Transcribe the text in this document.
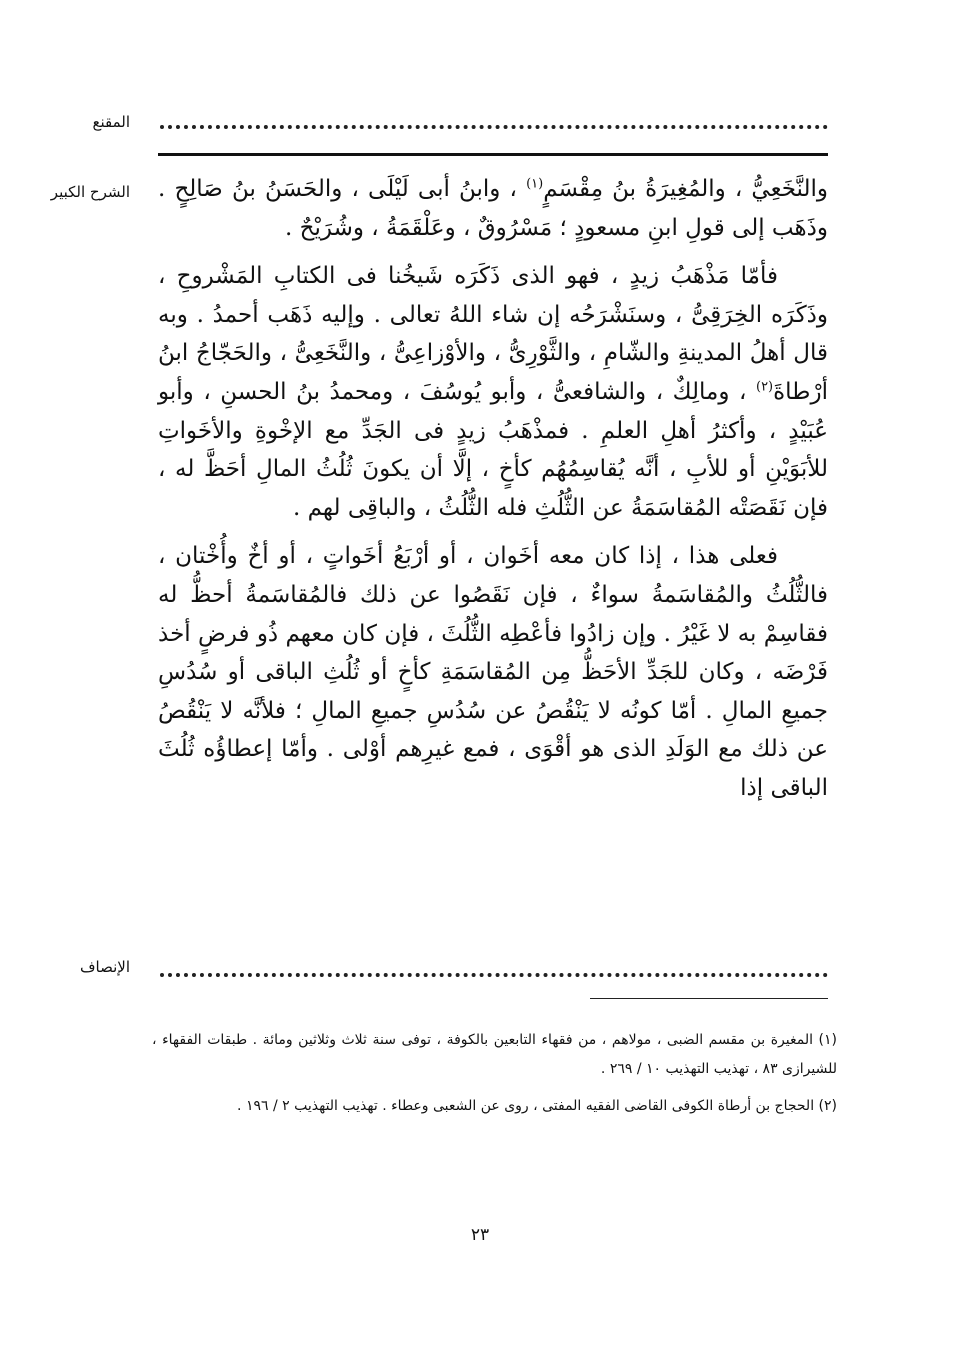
المقنع
الشرح الكبير	والنَّخَعِيُّ ، والمُغِيرَةُ بنُ مِقْسَمٍ$^{(١)}$ ، وابنُ أبى لَيْلَى ، والحَسَنُ بنُ صَالِحٍ . وذَهَب إلى قولِ ابنِ مسعودٍ ؛ مَسْرُوقٌ ، وعَلْقَمَةُ ، وشُرَيْحٌ .

فأمّا مَذْهَبُ زيدٍ ، فهو الذى ذَكَرَه شَيخُنا فى الكتابِ المَشْروحِ ، وذَكَرَه الخِرَقِىُّ ، وسنَشْرَحُه إن شاء اللهُ تعالى . وإليه ذَهَب أحمدُ . وبه قال أهلُ المدينةِ والشّامِ ، والثَّوْرِىُّ ، والأوْزاعِىُّ ، والنَّخَعِىُّ ، والحَجّاجُ ابنُ أرْطاةَ$^{(٢)}$ ، ومالِكٌ ، والشافعىُّ ، وأبو يُوسُفَ ، ومحمدُ بنُ الحسنِ ، وأبو عُبَيْدٍ ، وأكثرُ أهلِ العلمِ . فمذْهَبُ زيدٍ فى الجَدِّ مع الإخْوةِ والأخَواتِ للأبَوَيْنِ أو للأبِ ، أنَّه يُقاسِمُهُم كأخٍ ، إلَّا أن يكونَ ثُلُثُ المالِ أحَظَّ له ، فإن نَقَصَتْه المُقاسَمَةُ عن الثُّلُثِ فله الثُّلُثُ ، والباقِى لهم .

فعلى هذا ، إذا كان معه أخَوان ، أو أرْبَعُ أخَواتٍ ، أو أخٌ وأُخْتان ، فالثُّلُثُ والمُقاسَمةُ سواءٌ ، فإن نَقَصُوا عن ذلك فالمُقاسَمةُ أحظُّ له فقاسِمْ به لا غَيْرُ . وإن زادُوا فأعْطِه الثُّلُثَ ، فإن كان معهم ذُو فرضٍ أخذ فَرْضَه ، وكان للجَدِّ الأحَظُّ مِن المُقاسَمَةِ كأخٍ أو ثُلُثِ الباقى أو سُدُسِ جميعِ المالِ . أمّا كونُه لا يَنْقُصُ عن سُدُسِ جميعِ المالِ ؛ فلأنَّه لا يَنْقُصُ عن ذلك مع الوَلَدِ الذى هو أقْوَى ، فمع غيرِهم أوْلى . وأمّا إعطاؤُه ثُلُثَ الباقى إذا

الإنصاف

(١) المغيرة بن مقسم الضبى ، مولاهم ، من فقهاء التابعين بالكوفة ، توفى سنة ثلاث وثلاثين ومائة . طبقات الفقهاء ، للشيرازى ٨٣ ، تهذيب التهذيب ١٠ / ٢٦٩ .

(٢) الحجاج بن أرطاة الكوفى القاضى الفقيه المفتى ، روى عن الشعبى وعطاء . تهذيب التهذيب ٢ / ١٩٦ .

٢٣
